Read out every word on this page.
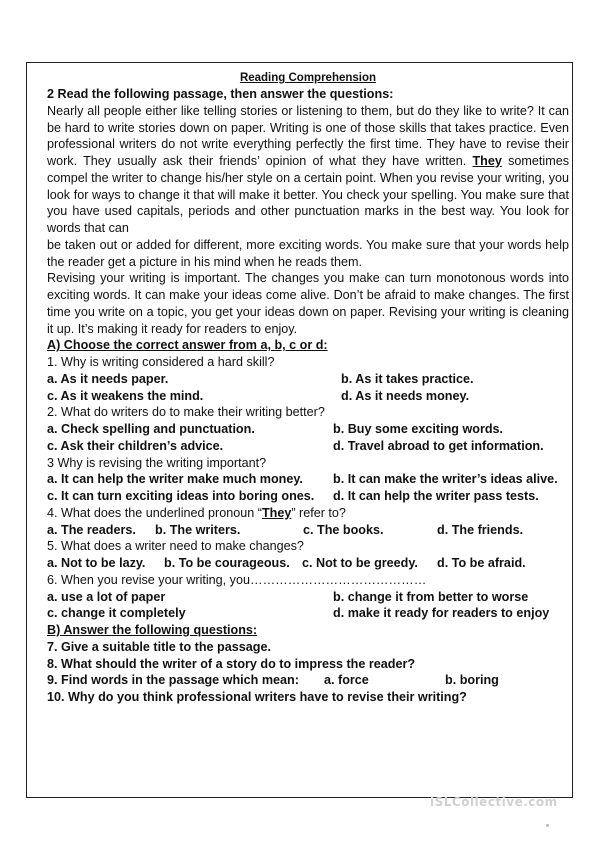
Reading Comprehension
2 Read the following passage, then answer the questions:
Nearly all people either like telling stories or listening to them, but do they like to write? It can be hard to write stories down on paper. Writing is one of those skills that takes practice. Even professional writers do not write everything perfectly the first time. They have to revise their work. They usually ask their friends’ opinion of what they have written. They sometimes compel the writer to change his/her style on a certain point. When you revise your writing, you look for ways to change it that will make it better. You check your spelling. You make sure that you have used capitals, periods and other punctuation marks in the best way. You look for words that can
be taken out or added for different, more exciting words. You make sure that your words help the reader get a picture in his mind when he reads them.
Revising your writing is important. The changes you make can turn monotonous words into exciting words. It can make your ideas come alive. Don’t be afraid to make changes. The first time you write on a topic, you get your ideas down on paper. Revising your writing is cleaning it up. It’s making it ready for readers to enjoy.
A) Choose the correct answer from a, b, c or d:
1. Why is writing considered a hard skill?
a. As it needs paper.	b. As it takes practice.
c. As it weakens the mind.	d. As it needs money.
2. What do writers do to make their writing better?
a. Check spelling and punctuation.	b. Buy some exciting words.
c. Ask their children’s advice.	d. Travel abroad to get information.
3 Why is revising the writing important?
a. It can help the writer make much money. b. It can make the writer’s ideas alive.
c. It can turn exciting ideas into boring ones. d. It can help the writer pass tests.
4. What does the underlined pronoun “They” refer to?
a. The readers. b. The writers.	c. The books.	d. The friends.
5. What does a writer need to make changes?
a. Not to be lazy. b. To be courageous. c. Not to be greedy. d. To be afraid.
6. When you revise your writing, you……………………………………
a. use a lot of paper	b. change it from better to worse
c. change it completely	d. make it ready for readers to enjoy
B) Answer the following questions:
7. Give a suitable title to the passage.
8. What should the writer of a story do to impress the reader?
9. Find words in the passage which mean: a. force	b. boring
10. Why do you think professional writers have to revise their writing?
iSLCollective.com
